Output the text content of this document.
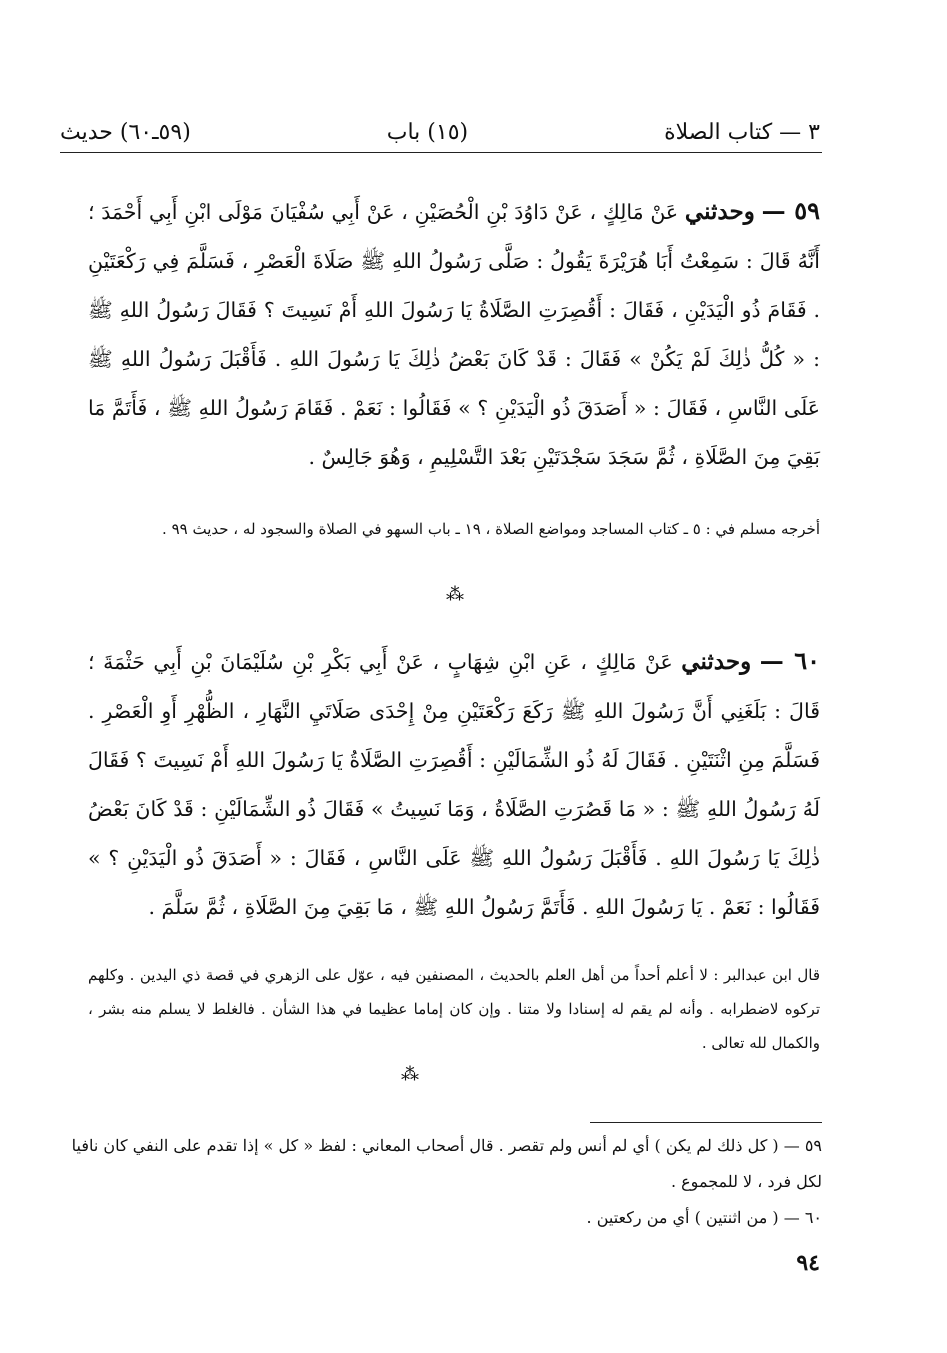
٣ — كتاب الصلاة
(١٥) باب
(٥٩ـ٦٠) حديث
٥٩ — وحدثني عَنْ مَالِكٍ ، عَنْ دَاوُدَ بْنِ الْحُصَيْنِ ، عَنْ أَبِي سُفْيَانَ مَوْلَى ابْنِ أَبِي أَحْمَدَ ؛ أَنَّهُ قَالَ : سَمِعْتُ أَبَا هُرَيْرَةَ يَقُولُ : صَلَّى رَسُولُ اللهِ ﷺ صَلَاةَ الْعَصْرِ ، فَسَلَّمَ فِي رَكْعَتَيْنِ . فَقَامَ ذُو الْيَدَيْنِ ، فَقَالَ : أَقُصِرَتِ الصَّلَاةُ يَا رَسُولَ اللهِ أَمْ نَسِيتَ ؟ فَقَالَ رَسُولُ اللهِ ﷺ : « كُلُّ ذٰلِكَ لَمْ يَكُنْ » فَقَالَ : قَدْ كَانَ بَعْضُ ذٰلِكَ يَا رَسُولَ اللهِ . فَأَقْبَلَ رَسُولُ اللهِ ﷺ عَلَى النَّاسِ ، فَقَالَ : « أَصَدَقَ ذُو الْيَدَيْنِ ؟ » فَقَالُوا : نَعَمْ . فَقَامَ رَسُولُ اللهِ ﷺ ، فَأَتَمَّ مَا بَقِيَ مِنَ الصَّلَاةِ ، ثُمَّ سَجَدَ سَجْدَتَيْنِ بَعْدَ التَّسْلِيمِ ، وَهُوَ جَالِسٌ .
أخرجه مسلم في : ٥ ـ كتاب المساجد ومواضع الصلاة ، ١٩ ـ باب السهو في الصلاة والسجود له ، حديث ٩٩ .
⁂
٦٠ — وحدثني عَنْ مَالِكٍ ، عَنِ ابْنِ شِهَابٍ ، عَنْ أَبِي بَكْرِ بْنِ سُلَيْمَانَ بْنِ أَبِي حَثْمَةَ ؛ قَالَ : بَلَغَنِي أَنَّ رَسُولَ اللهِ ﷺ رَكَعَ رَكْعَتَيْنِ مِنْ إِحْدَى صَلَاتَيِ النَّهَارِ ، الظُّهْرِ أَوِ الْعَصْرِ . فَسَلَّمَ مِنِ اثْنَتَيْنِ . فَقَالَ لَهُ ذُو الشِّمَالَيْنِ : أَقُصِرَتِ الصَّلَاةُ يَا رَسُولَ اللهِ أَمْ نَسِيتَ ؟ فَقَالَ لَهُ رَسُولُ اللهِ ﷺ : « مَا قَصُرَتِ الصَّلَاةُ ، وَمَا نَسِيتُ » فَقَالَ ذُو الشِّمَالَيْنِ : قَدْ كَانَ بَعْضُ ذٰلِكَ يَا رَسُولَ اللهِ . فَأَقْبَلَ رَسُولُ اللهِ ﷺ عَلَى النَّاسِ ، فَقَالَ : « أَصَدَقَ ذُو الْيَدَيْنِ ؟ » فَقَالُوا : نَعَمْ . يَا رَسُولَ اللهِ . فَأَتَمَّ رَسُولُ اللهِ ﷺ ، مَا بَقِيَ مِنَ الصَّلَاةِ ، ثُمَّ سَلَّمَ .
قال ابن عبدالبر : لا أعلم أحداً من أهل العلم بالحديث ، المصنفين فيه ، عوّل على الزهري في قصة ذي اليدين . وكلهم تركوه لاضطرابه . وأنه لم يقم له إسنادا ولا متنا . وإن كان إماما عظيما في هذا الشأن . فالغلط لا يسلم منه بشر ، والكمال لله تعالى .
⁂
٥٩ — ( كل ذلك لم يكن ) أي لم أنس ولم تقصر . قال أصحاب المعاني : لفظ « كل » إذا تقدم على النفي كان نافيا لكل فرد ، لا للمجموع .
٦٠ — ( من اثنتين ) أي من ركعتين .
٩٤
